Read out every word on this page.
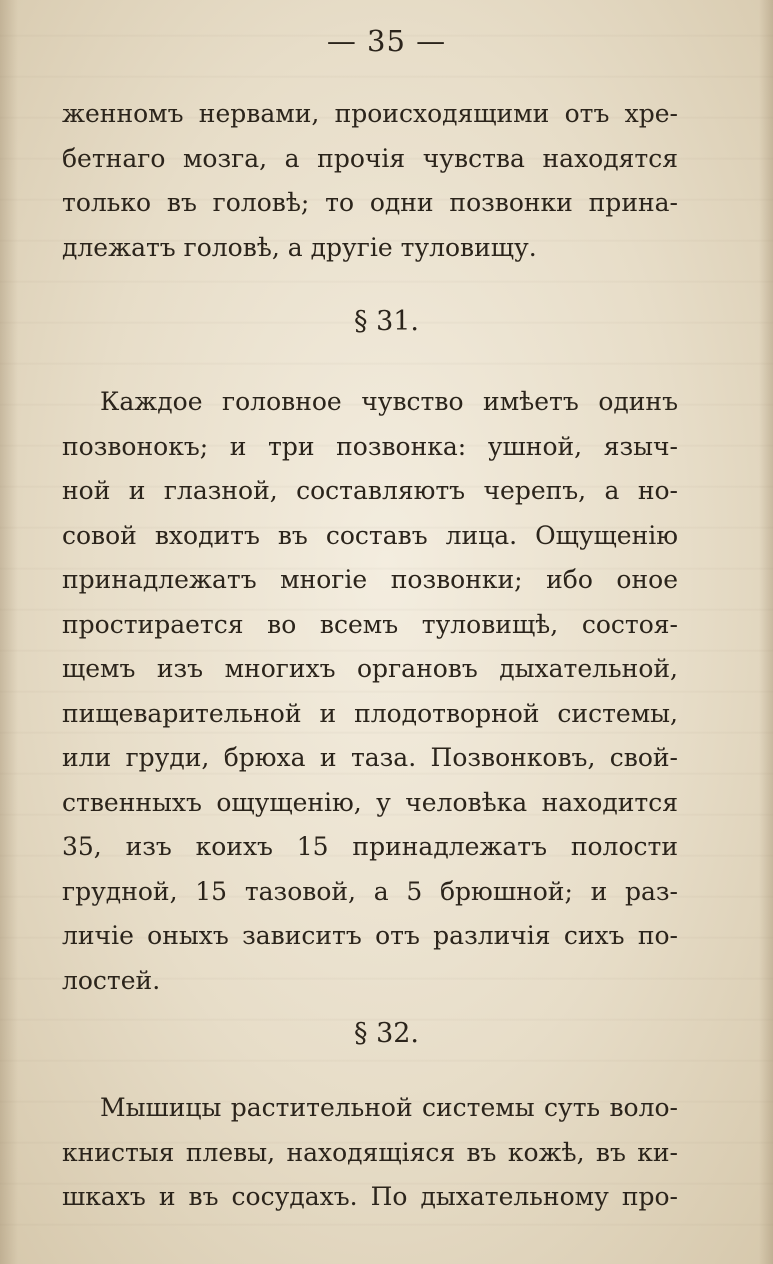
— 35 —
женномъ нервами, происходящими отъ хре-
бетнаго мозга, а прочія чувства находятся
только въ головѣ; то одни позвонки прина-
длежатъ головѣ, а другіе туловищу.
§ 31.
Каждое головное чувство имѣетъ одинъ
позвонокъ; и три позвонка: ушной, языч-
ной и глазной, составляютъ черепъ, а но-
совой входитъ въ составъ лица. Ощущенію
принадлежатъ многіе позвонки; ибо оное
простирается во всемъ туловищѣ, состоя-
щемъ изъ многихъ органовъ дыхательной,
пищеварительной и плодотворной системы,
или груди, брюха и таза. Позвонковъ, свой-
ственныхъ ощущенію, у человѣка находится
35, изъ коихъ 15 принадлежатъ полости
грудной, 15 тазовой, а 5 брюшной; и раз-
личіе оныхъ зависитъ отъ различія сихъ по-
лостей.
§ 32.
Мышицы растительной системы суть воло-
книстыя плевы, находящіяся въ кожѣ, въ ки-
шкахъ и въ сосудахъ. По дыхательному про-
